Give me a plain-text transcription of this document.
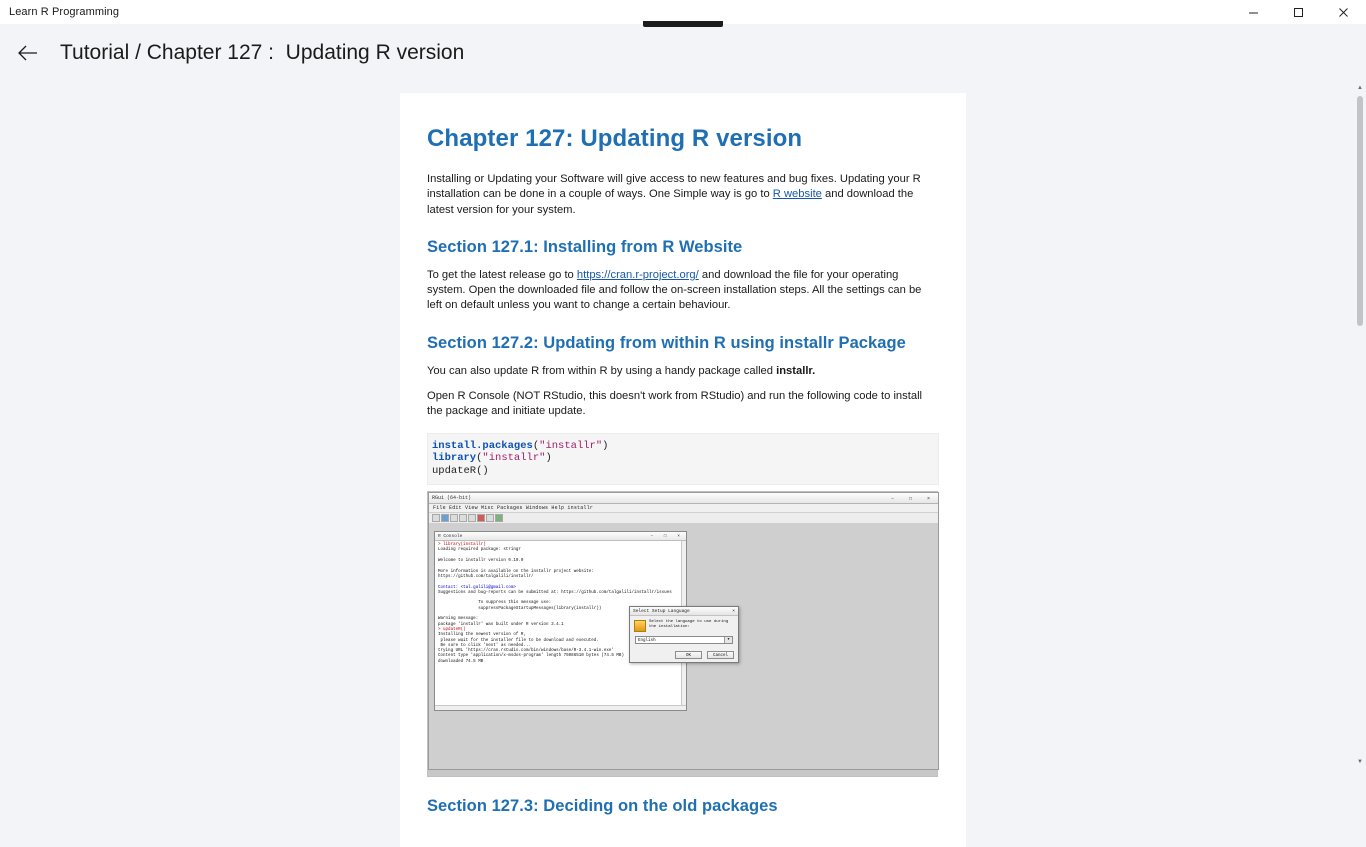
Learn R Programming
Tutorial / Chapter 127 :  Updating R version
Chapter 127: Updating R version

Installing or Updating your Software will give access to new features and bug fixes. Updating your R installation can be done in a couple of ways. One Simple way is go to R website and download the latest version for your system.

Section 127.1: Installing from R Website

To get the latest release go to https://cran.r-project.org/ and download the file for your operating system. Open the downloaded file and follow the on-screen installation steps. All the settings can be left on default unless you want to change a certain behaviour.

Section 127.2: Updating from within R using installr Package

You can also update R from within R by using a handy package called installr.

Open R Console (NOT RStudio, this doesn't work from RStudio) and run the following code to install the package and initiate update.

install.packages("installr")
library("installr")
updateR()
RGui (64-bit)	– □ ×
File Edit View Misc Packages Windows Help installr
R Console	– □ ×
> library(installr)
Loading required package: stringr

Welcome to installr version 0.19.0

More information is available on the installr project website:
https://github.com/talgalili/installr/

Contact: <tal.galili@gmail.com>
Suggestions and bug-reports can be submitted at: https://github.com/talgalili/installr/issues

To suppress this message use:
suppressPackageStartupMessages(library(installr))

Warning message:
package 'installr' was built under R version 3.4.1
> updateR()
Installing the newest version of R,
please wait for the installer file to be download and executed.
Be sure to click 'next' as needed...
trying URL 'https://cran.rstudio.com/bin/windows/base/R-3.4.1-win.exe'
Content type 'application/x-msdos-program' length 75086510 bytes (74.5 MB)
downloaded 74.5 MB
Select Setup Language	×
Select the language to use during the installation:
English	▼
OK	Cancel
Section 127.3: Deciding on the old packages
▲
▼
